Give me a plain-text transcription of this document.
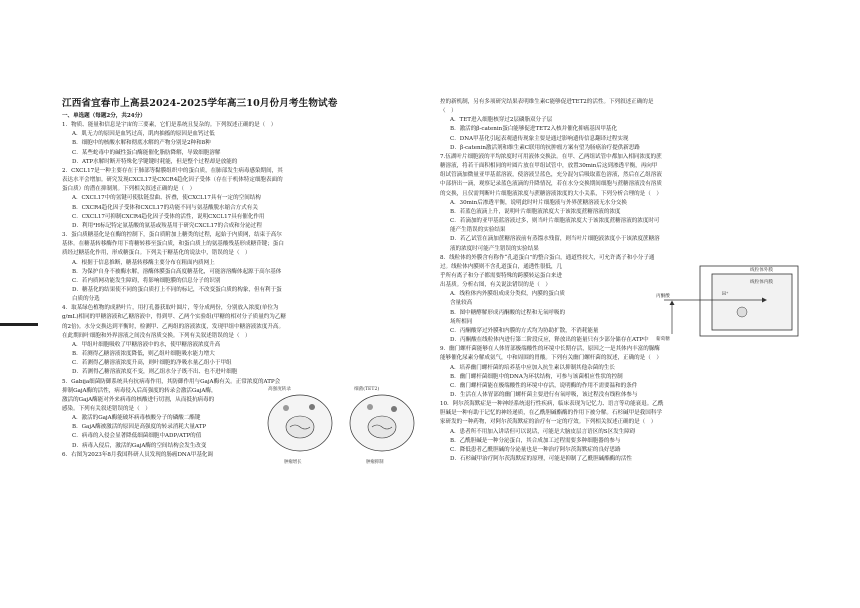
江西省宜春市上高县2024-2025学年高三10月份月考生物试卷
一、单选题（每题2分，共24分）
1．物质、能量和信息是宇宙的三要素，它们是系统且复杂的。下列叙述正确的是（　）
A．肌无力的原因是血钙过高，肌肉抽搐的原因是血钙过低
B．细胞中的核酸水解和彻底水解的产物分别是2种和8种
C．某些蛇毒中的碱性蛋白酶能催化脂肪降解，导致细胞溶解
D．ATP水解时断开特殊化学键键时耗能，但是整个过程却是放能的
2．CXCL17是一种主要存在于肺部等黏膜组织中的蛋白质，在肺部发生病毒感染期间，其
表达水平会增加。研究发现CXCL17是CXCR4趋化因子受体（存在于机体特定细胞表面的
蛋白质）的潜在抑制剂。下列相关叙述正确的是（　）
A．CXCL17中的氢键可使肽链盘曲、折叠，使CXCL17具有一定的空间结构
B．CXCR4趋化因子受体和CXCL17的功能不同与氨基酸脱水缩合方式有关
C．CXCL17可抑制CXCR4趋化因子受体的活性，说明CXCL17具有催化作用
D．利用³H标记特定氨基酸的氨基或羧基用于研究CXCL17的合成和分泌过程
3．蛋白质糖基化是在酶的控制下，蛋白质附加上糖类的过程，起始于内质网，结束于高尔
基体。在糖基转移酶作用下将糖转移至蛋白质，和蛋白质上的氨基酸残基形成糖苷键；蛋白
质经过糖基化作用，形成糖蛋白。下列关于糖基化的说法中，错误的是（　）
A．根据于信息推断，糖基转移酶主要分布在粗面内质网上
B．为保护自身不被酶水解，溶酶体膜蛋白高度糖基化，可能溶溶酶体起源于高尔基体
C．若内质网功能发生障碍，将影响细胞膜的信息分子的识别
D．糖基化的结果使不同的蛋白质打上不同的标记，不改变蛋白质的构象，但有利于蛋
白质的分选
4．取某绿色植物的成熟叶片，用打孔器获取叶圆片，等分成两份，分别放入浓度(单位为
g/mL)相同的甲糖溶液和乙糖溶液中，得到甲、乙两个实验组(甲糖的相对分子质量约为乙糖
的2倍)。水分交换达到平衡时，检测甲、乙两组的溶液浓度，发现甲组中糖溶液浓度升高。
在此期间叶细胞和外界溶液之间没有溶质交换。下列有关叙述错误的是（　）
A．甲组叶细胞吸收了甲糖溶液中的水，使甲糖溶液浓度升高
B．若测得乙糖溶液浓度降低，则乙组叶细胞吸水能力增大
C．若测得乙糖溶液浓度升高，则叶细胞的净吸水量乙组小于甲组
D．若测得乙糖溶液浓度不变，则乙组水分子既不出、也不进叶细胞
5．Gabija细菌防御系统具有抗病毒作用，其防御作用与GajA酶有关。正常浓度的ATP会
抑制GajA酶的活性，病毒侵入后高强度的转录会激活GajA酶，
激活的GajA酶能对外来病毒的核酸进行切割，从而抵抗病毒的
感染。下列有关叙述错误的是（　）
A．激活的GajA酶能破坏病毒核酸分子的磷酸二酯键
B．GajA酶被激活的原因是高强度的转录消耗大量ATP
C．病毒的入侵会显著降低细菌细胞中ADP/ATP的值
D．病毒入侵后，激活的GajA酶的空间结构会发生改变
6．右图为2023年8月我国科研人员发现的肠癌DNA甲基化调
控的新机制，另有多项研究结果表明维生素C能够促进TET2的活性。下列叙述正确的是
（　）
A．TET进入细胞核穿过2层磷脂双分子层
B．激活的β-catenin蛋白能够促进TET2入核并催化抑癌基因甲基化
C．DNA甲基化引起表观遗传现象主要是通过影响遗传信息翻译过程实现
D．β-catenin激活剂和维生素C联用的抗肿瘤方案有望为肠癌治疗提供新思路
7.伍湖叶片细胞液的平均浓度时可用液体交换法。在甲、乙两组试管中都加入相同浓度的蔗
糖溶液，将若干面积相同的叶圆片放在甲组试管中，放置30min后这到渗透平衡，再向甲
组试管滴加微量亚甲基蓝溶液，使溶液呈蓝色，充分混匀后吸取蓝色溶液，然后在乙组溶液
中部挤出一滴，观察记录蓝色液滴的升降情况，若在水分交换期间细胞与蔗糖溶液没有溶质
的交换，且仅需判断叶片细胞液浓度与蔗糖溶液浓度的大小关系，下列分析合理的是（　）
A．30min后渗透平衡，说明此时叶片细胞液与外界蔗糖溶液无水分交换
B．若蓝色液滴上升，说明叶片细胞液浓度大于该浓度蔗糖溶液的浓度
C．若滴加的亚甲基蓝溶液过多，则当叶片细胞液浓度大于该浓度蔗糖溶液的浓度时可
能产生错误的实验结果
D．若乙试管在滴加蔗糖溶液前有蒸馏水残留，则当叶片细胞液浓度小于该浓度蔗糖溶
液的浓度时可能产生错误的实验结果
8．线粒体的外膜含有称作“孔道蛋白”的整合蛋白，通道性较大，可允许离子和小分子通
过。线粒体内膜则不含孔道蛋白，通透性很低，几
乎所有离子和分子都需要特殊的跨膜转运蛋白来进
出基质。分析右图，有关说法错误的是（　）
A．线粒体内外膜组成成分类似，内膜的蛋白质
含量较高
B．图中糖酵解形成丙酮酸的过程和无氧呼吸的
场所相同
C．丙酮酸穿过外膜和内膜的方式均为协助扩散，不消耗能量
D．丙酮酸在线粒体内进行第二阶段反应，释放出的能量只有少部分储存在ATP中
9．幽门螺杆菌能够在人体胃部极端酸性的环境中长期存活，原因之一是其体内丰富的脲酶
能够催化尿素分解成氨气，中和周围的胃酸。下列有关幽门螺杆菌的叙述，正确的是（　）
A．培养幽门螺杆菌的培养基中应加入抗生素以抑制其他杂菌的生长
B．幽门螺杆菌细胞中的DNA为环状结构，可参与该菌相应性状的控制
C．幽门螺杆菌能在极端酸性的环境中存活，说明酶的作用不需要温和的条件
D．生活在人体胃部的幽门螺杆菌主要进行有氧呼吸，该过程没有线粒体参与
10．阿尔茨海默症是一种神经系统退行性疾病，临床表现为记忆力、语言等功能衰退。乙酰
胆碱是一种有助于记忆的神经递质，在乙酰胆碱酯酶的作用下被分解。石杉碱甲是我国科学
家研发的一种药物，对阿尔茨海默症的治疗有一定的疗效。下列相关叙述正确的是（　）
A．患者所不用加入讲话但可以说话，可能是大脑皮层言语区的S区发生障碍
B．乙酰胆碱是一种分泌蛋白，其合成加工过程需要多种细胞器的参与
C．降低患者乙酰胆碱的分泌量也是一种治疗阿尔茨海默症的良好思路
D．石杉碱甲治疗阿尔茨海默症的原理，可能是抑制了乙酰胆碱酯酶的活性
高强度转录	细菌(TET2)
肿瘤增长	肿瘤抑制
线粒体外膜
线粒体内膜
丙酮酸	H⁺
葡萄糖
